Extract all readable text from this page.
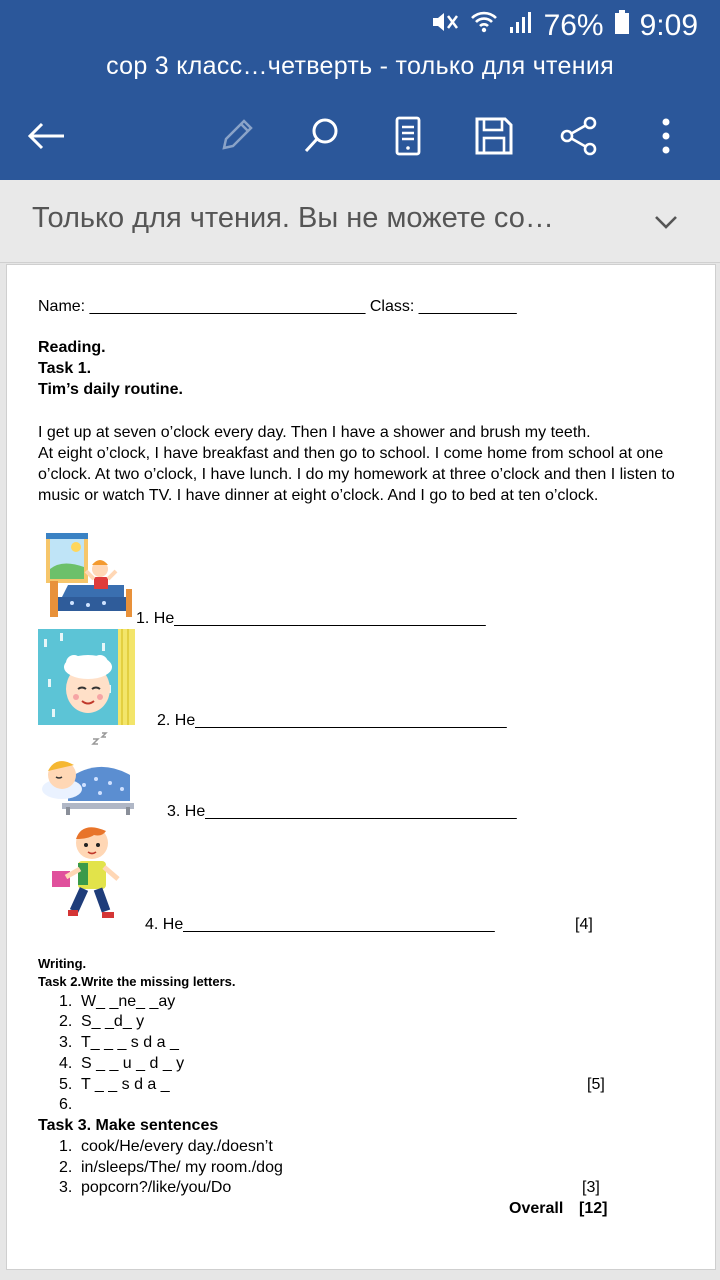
76% 9:09
сор 3 класс…четверть - только для чтения
Только для чтения. Вы не можете со…
Name: _______________________________ Class: ___________
Reading.
Task 1.
Tim’s daily routine.
I get up at seven o’clock every day. Then I have a shower and brush my teeth.
At eight o’clock, I have breakfast and then go to school. I come home from school at one o’clock. At two o’clock, I have lunch. I do my homework at three o’clock and then I listen to music or watch TV. I have dinner at eight o’clock. And I go to bed at ten o’clock.
1. He___________________________________
2. He___________________________________
3. He___________________________________
4. He___________________________________	[4]
Writing.
Task 2.Write the missing letters.
1. W_ _ne_ _ay
2. S_ _d_ y
3. T_ _ _ s d a _
4. S _ _ u _ d _ y
5. T _ _ s d a _	[5]
6.
Task 3. Make sentences
1. cook/He/every day./doesn’t
2. in/sleeps/The/ my room./dog
3. popcorn?/like/you/Do	[3]
Overall [12]
